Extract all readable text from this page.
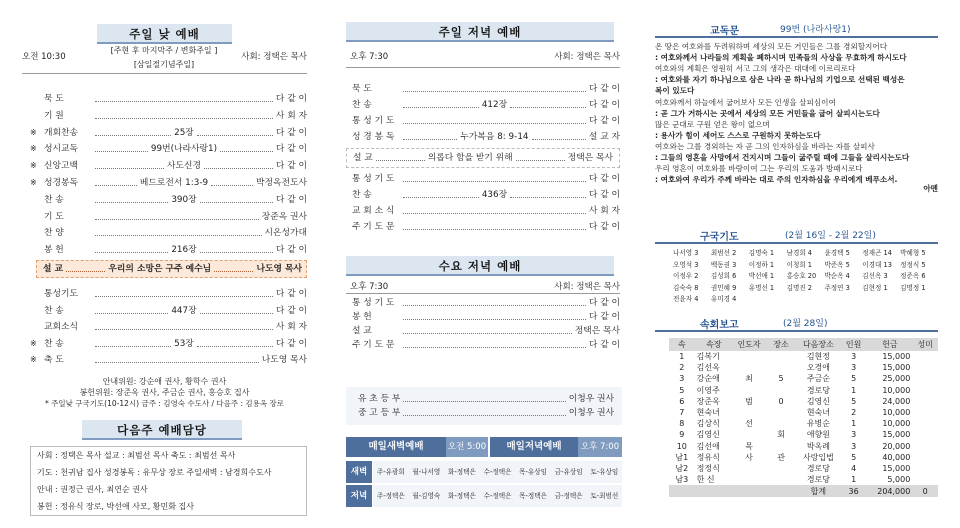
주일 낮 예배
오전 10:30
[주현 후 마지막주 / 변화주일 ]
[삼일절기념주일]
사회: 정택은 목사
묵 도	다 같 이
기 원	사 회 자
※ 개회찬송	25장	다 같 이
※ 성시교독	99번(나라사랑1)	다 같 이
※ 신앙고백	사도신경	다 같 이
※ 성경봉독	베드로전서 1:3-9	박정옥전도사
찬 송	390장	다 같 이
기 도	장준옥 권사
찬 양	시온성가대
봉 헌	216장	다 같 이
설 교	우리의 소망은 구주 예수님	나도영 목사
통성기도	다 같 이
찬 송	447장	다 같 이
교회소식	사 회 자
※ 찬 송	53장	다 같 이
※ 축 도	나도영 목사
안내위원: 강순애 권사, 황학수 권사
봉헌위원: 장준옥 권사, 주금순 권사, 홍승호 집사
* 주일낮 구국기도(10-12시) 금주 : 김영숙 수도사 / 다음주 : 김용옥 장로
다음주 예배담당
사회 : 정택은 목사 설교 : 최범선 목사 축도 : 최범선 목사
기도 : 천귀남 집사 성경봉독 : 유무상 장로 주일새벽 : 남경희수도사
안내 : 권정근 권사, 최연순 권사
봉헌 : 정유식 장로, 박선애 사모, 황민화 집사
주일 저녁 예배
오후 7:30	사회: 정택은 목사
묵 도	다 같 이
찬 송	412장	다 같 이
통 성 기 도	다 같 이
성 경 봉 독	누가복음 8: 9-14	설 교 자
설 교	의롭다 함을 받기 위해	정택은 목사
통 성 기 도	다 같 이
찬 송	436장	다 같 이
교 회 소 식	사 회 자
주 기 도 문	다 같 이
수요 저녁 예배
오후 7:30	사회: 정택은 목사
통 성 기 도	다 같 이
봉 헌	다 같 이
설 교	정택은 목사
주 기 도 문	다 같 이
교회학교 예배	주일 오전 9:00
유 초 등 부	이청우 권사
중 고 등 부	이청우 권사
매일새벽예배	오전 5:00	매일저녁예배	오후 7:00
새벽	주-유광희	월-나서영	화-정택은	수-정택은	목-유상임	금-유상임	토-유상임
저녁	주-정택은	월-김영숙	화-정택은	수-정택은	목-정택은	금-정택은	토-최범선
교독문	99번 (나라사랑1)
온 땅은 여호와를 두려워하며 세상의 모든 거민들은 그를 경외할지어다
: 여호와께서 나라들의 계획을 폐하시며 민족들의 사상을 무효하게 하시도다
여호와의 계획은 영원히 서고 그의 생각은 대대에 이르리로다
: 여호와를 자기 하나님으로 삼은 나라 곧 하나님의 기업으로 선택된 백성은
복이 있도다
여호와께서 하늘에서 굽어보사 모든 인생을 살피심이여
: 곧 그가 거하시는 곳에서 세상의 모든 거민들을 굽어 살피시는도다
많은 군대로 구원 얻은 왕이 없으며
: 용사가 힘이 세어도 스스로 구원하지 못하는도다
여호와는 그를 경외하는 자 곧 그의 인자하심을 바라는 자를 살피사
: 그들의 영혼을 사망에서 건지시며 그들이 굶주릴 때에 그들을 살리시는도다
우리 영혼이 여호와를 바랑이여 그는 우리의 도움과 방패시로다
: 여호와여 우리가 주께 바라는 대로 주의 인자하심을 우리에게 베푸소서.
아멘
구국기도	(2월 16일 - 2월 22일)
나서영 3	최범선 2	김명숙 1	남경희 4	윤경택 5	정재곤 14	박혜형 5
오영석 3	백동권 3	이정하 1	이청희 1	박준옥 5	이경대 13	정정식 5
이정우 2	김성희 6	박선애 1	홍승호 20	박순옥 4	김선옥 3	정준옥 6
김숙숙 8	권민혜 9	유명선 1	김명진 2	주정연 3	김현정 1	김명정 1
전윤자 4	유미경 4
속회보고	(2월 28일)
속	속장	인도자	장소	다음장소	인원	헌금	성미
1	김복기			김현정	3	15,000	
2	김선옥			오경애	3	15,000	
3	강순애	최	5	주금순	5	25,000	
5	이영주			경로당	1	10,000	
6	장준옥	범	0	김영신	5	24,000	
7	현숙녀			현숙녀	2	10,000	
8	김상식	선		유병순	1	10,000	
9	김영신		회	애향원	3	15,000	
10	김선애	목		박옥례	3	20,000	
남1	정유식	사	관	사랑입법	5	40,000	
남2	정정식			경로당	4	15,000	
남3	한 신			경로당	1	5,000	
				합계	36	204,000	0
